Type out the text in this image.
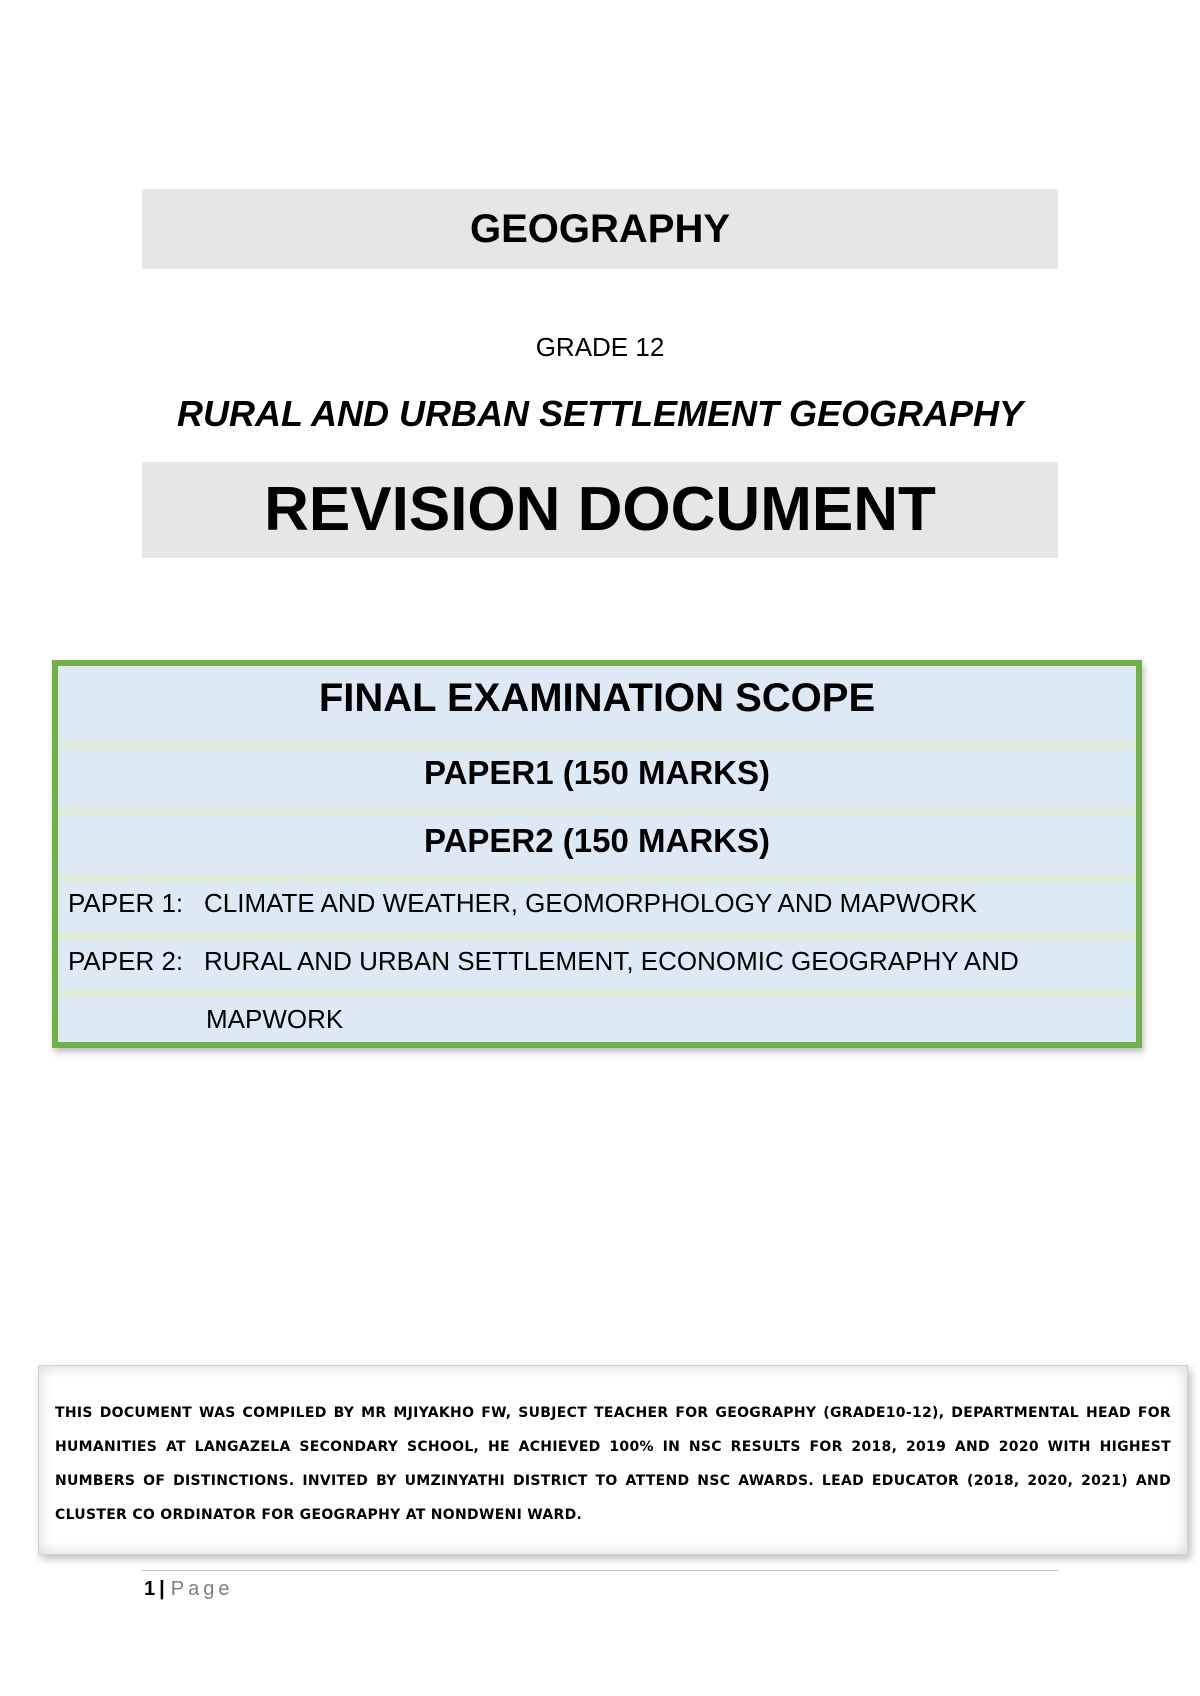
GEOGRAPHY
GRADE 12
RURAL AND URBAN SETTLEMENT GEOGRAPHY
REVISION DOCUMENT
FINAL EXAMINATION SCOPE
PAPER1 (150 MARKS)
PAPER2 (150 MARKS)
PAPER 1: CLIMATE AND WEATHER, GEOMORPHOLOGY AND MAPWORK
PAPER 2: RURAL AND URBAN SETTLEMENT, ECONOMIC GEOGRAPHY AND
MAPWORK
THIS DOCUMENT WAS COMPILED BY MR MJIYAKHO FW, SUBJECT TEACHER FOR GEOGRAPHY (GRADE10-12), DEPARTMENTAL HEAD FOR HUMANITIES AT LANGAZELA SECONDARY SCHOOL, HE ACHIEVED 100% IN NSC RESULTS FOR 2018, 2019 AND 2020 WITH HIGHEST NUMBERS OF DISTINCTIONS. INVITED BY UMZINYATHI DISTRICT TO ATTEND NSC AWARDS. LEAD EDUCATOR (2018, 2020, 2021) AND CLUSTER CO ORDINATOR FOR GEOGRAPHY AT NONDWENI WARD.
1 | Page
